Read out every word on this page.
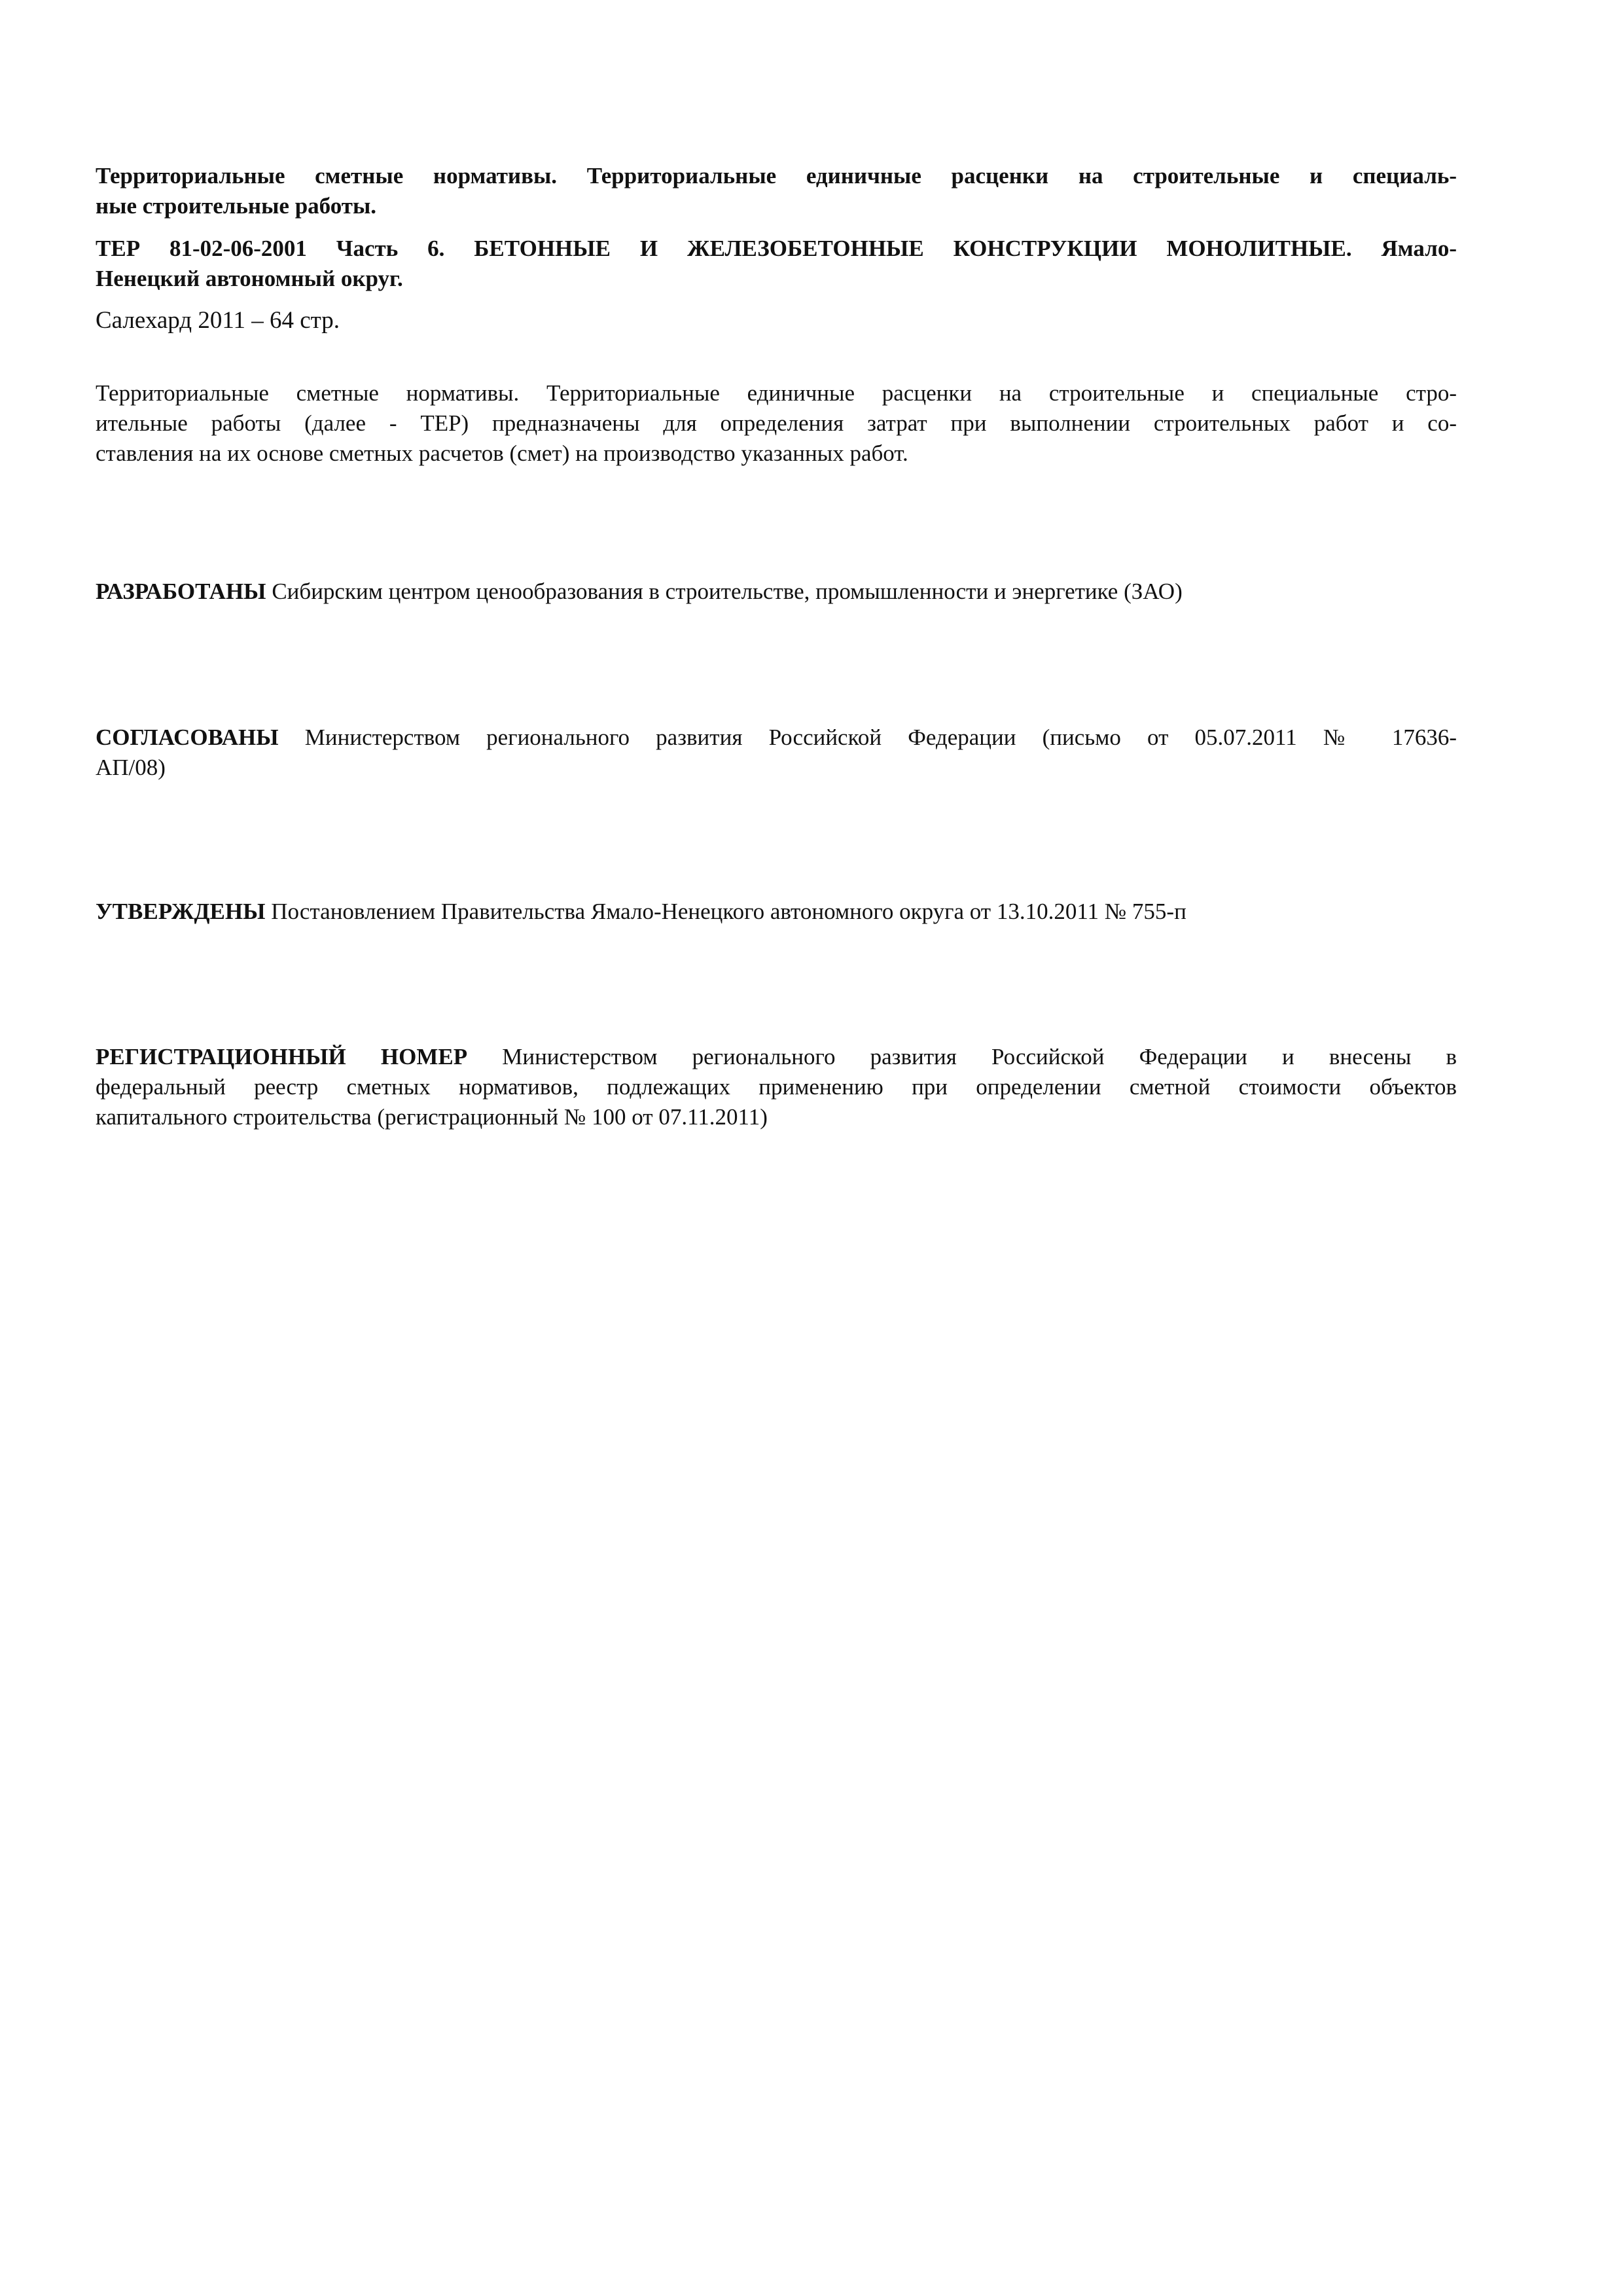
Территориальные сметные нормативы. Территориальные единичные расценки на строительные и специаль-
ные строительные работы.
ТЕР 81-02-06-2001 Часть 6. БЕТОННЫЕ И ЖЕЛЕЗОБЕТОННЫЕ КОНСТРУКЦИИ МОНОЛИТНЫЕ. Ямало-
Ненецкий автономный округ.
Салехард 2011 – 64 стр.
Территориальные сметные нормативы. Территориальные единичные расценки на строительные и специальные стро-
ительные работы (далее - ТЕР) предназначены для определения затрат при выполнении строительных работ и со-
ставления на их основе сметных расчетов (смет) на производство указанных работ.
РАЗРАБОТАНЫ Сибирским центром ценообразования в строительстве, промышленности и энергетике (ЗАО)
СОГЛАСОВАНЫ Министерством регионального развития Российской Федерации (письмо от 05.07.2011 № 17636-
АП/08)
УТВЕРЖДЕНЫ Постановлением Правительства Ямало-Ненецкого автономного округа от 13.10.2011 № 755-п
РЕГИСТРАЦИОННЫЙ НОМЕР Министерством регионального развития Российской Федерации и внесены в
федеральный реестр сметных нормативов, подлежащих применению при определении сметной стоимости объектов
капитального строительства (регистрационный № 100 от 07.11.2011)
